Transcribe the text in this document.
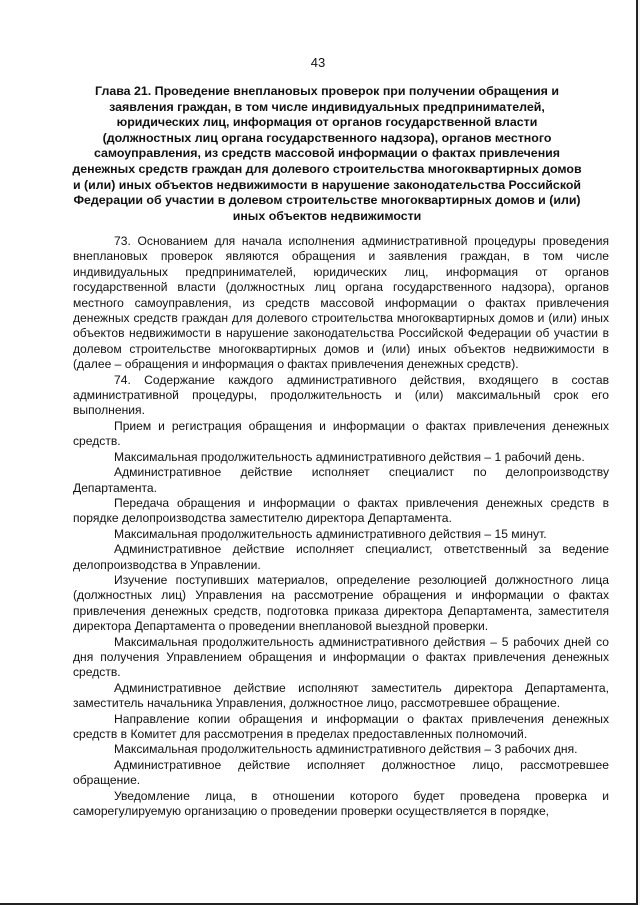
43
Глава 21. Проведение внеплановых проверок при получении обращения и заявления граждан, в том числе индивидуальных предпринимателей, юридических лиц, информация от органов государственной власти (должностных лиц органа государственного надзора), органов местного самоуправления, из средств массовой информации о фактах привлечения денежных средств граждан для долевого строительства многоквартирных домов и (или) иных объектов недвижимости в нарушение законодательства Российской Федерации об участии в долевом строительстве многоквартирных домов и (или) иных объектов недвижимости

73. Основанием для начала исполнения административной процедуры проведения внеплановых проверок являются обращения и заявления граждан, в том числе индивидуальных предпринимателей, юридических лиц, информация от органов государственной власти (должностных лиц органа государственного надзора), органов местного самоуправления, из средств массовой информации о фактах привлечения денежных средств граждан для долевого строительства многоквартирных домов и (или) иных объектов недвижимости в нарушение законодательства Российской Федерации об участии в долевом строительстве многоквартирных домов и (или) иных объектов недвижимости в (далее – обращения и информация о фактах привлечения денежных средств).

74. Содержание каждого административного действия, входящего в состав административной процедуры, продолжительность и (или) максимальный срок его выполнения.

Прием и регистрация обращения и информации о фактах привлечения денежных средств.

Максимальная продолжительность административного действия – 1 рабочий день.

Административное действие исполняет специалист по делопроизводству Департамента.

Передача обращения и информации о фактах привлечения денежных средств в порядке делопроизводства заместителю директора Департамента.

Максимальная продолжительность административного действия – 15 минут.

Административное действие исполняет специалист, ответственный за ведение делопроизводства в Управлении.

Изучение поступивших материалов, определение резолюцией должностного лица (должностных лиц) Управления на рассмотрение обращения и информации о фактах привлечения денежных средств, подготовка приказа директора Департамента, заместителя директора Департамента о проведении внеплановой выездной проверки.

Максимальная продолжительность административного действия – 5 рабочих дней со дня получения Управлением обращения и информации о фактах привлечения денежных средств.

Административное действие исполняют заместитель директора Департамента, заместитель начальника Управления, должностное лицо, рассмотревшее обращение.

Направление копии обращения и информации о фактах привлечения денежных средств в Комитет для рассмотрения в пределах предоставленных полномочий.

Максимальная продолжительность административного действия – 3 рабочих дня.

Административное действие исполняет должностное лицо, рассмотревшее обращение.

Уведомление лица, в отношении которого будет проведена проверка и саморегулируемую организацию о проведении проверки осуществляется в порядке,
